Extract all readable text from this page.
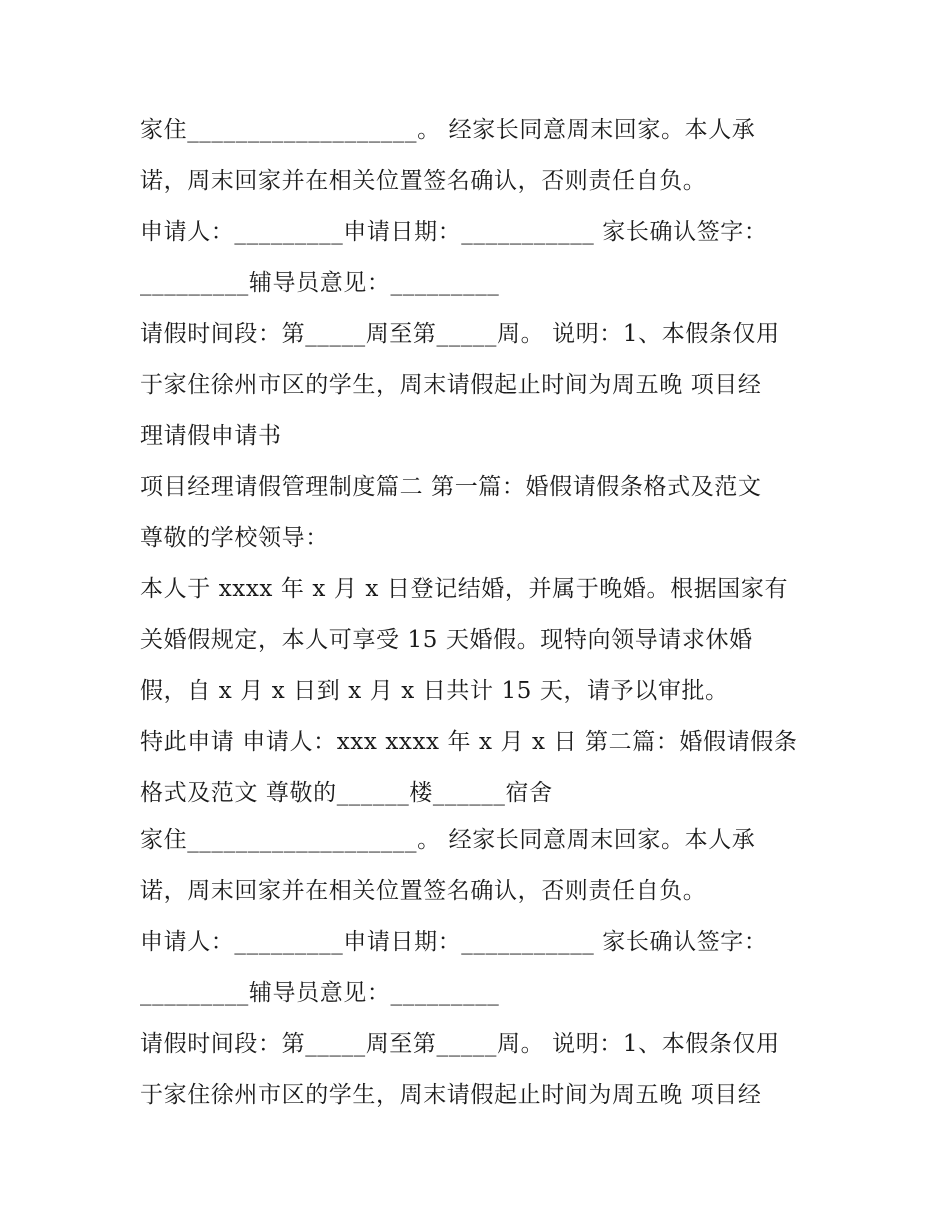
家住___________________。 经家长同意周末回家。本人承
诺，周末回家并在相关位置签名确认，否则责任自负。
申请人：_________申请日期：___________ 家长确认签字：
_________辅导员意见：_________
请假时间段：第_____周至第_____周。 说明：1、本假条仅用
于家住徐州市区的学生，周末请假起止时间为周五晚 项目经
理请假申请书
项目经理请假管理制度篇二 第一篇：婚假请假条格式及范文
尊敬的学校领导：
本人于 xxxx 年 x 月 x 日登记结婚，并属于晚婚。根据国家有
关婚假规定，本人可享受 15 天婚假。现特向领导请求休婚
假，自 x 月 x 日到 x 月 x 日共计 15 天，请予以审批。
特此申请 申请人：xxx xxxx 年 x 月 x 日 第二篇：婚假请假条
格式及范文 尊敬的______楼______宿舍
家住___________________。 经家长同意周末回家。本人承
诺，周末回家并在相关位置签名确认，否则责任自负。
申请人：_________申请日期：___________ 家长确认签字：
_________辅导员意见：_________
请假时间段：第_____周至第_____周。 说明：1、本假条仅用
于家住徐州市区的学生，周末请假起止时间为周五晚 项目经
